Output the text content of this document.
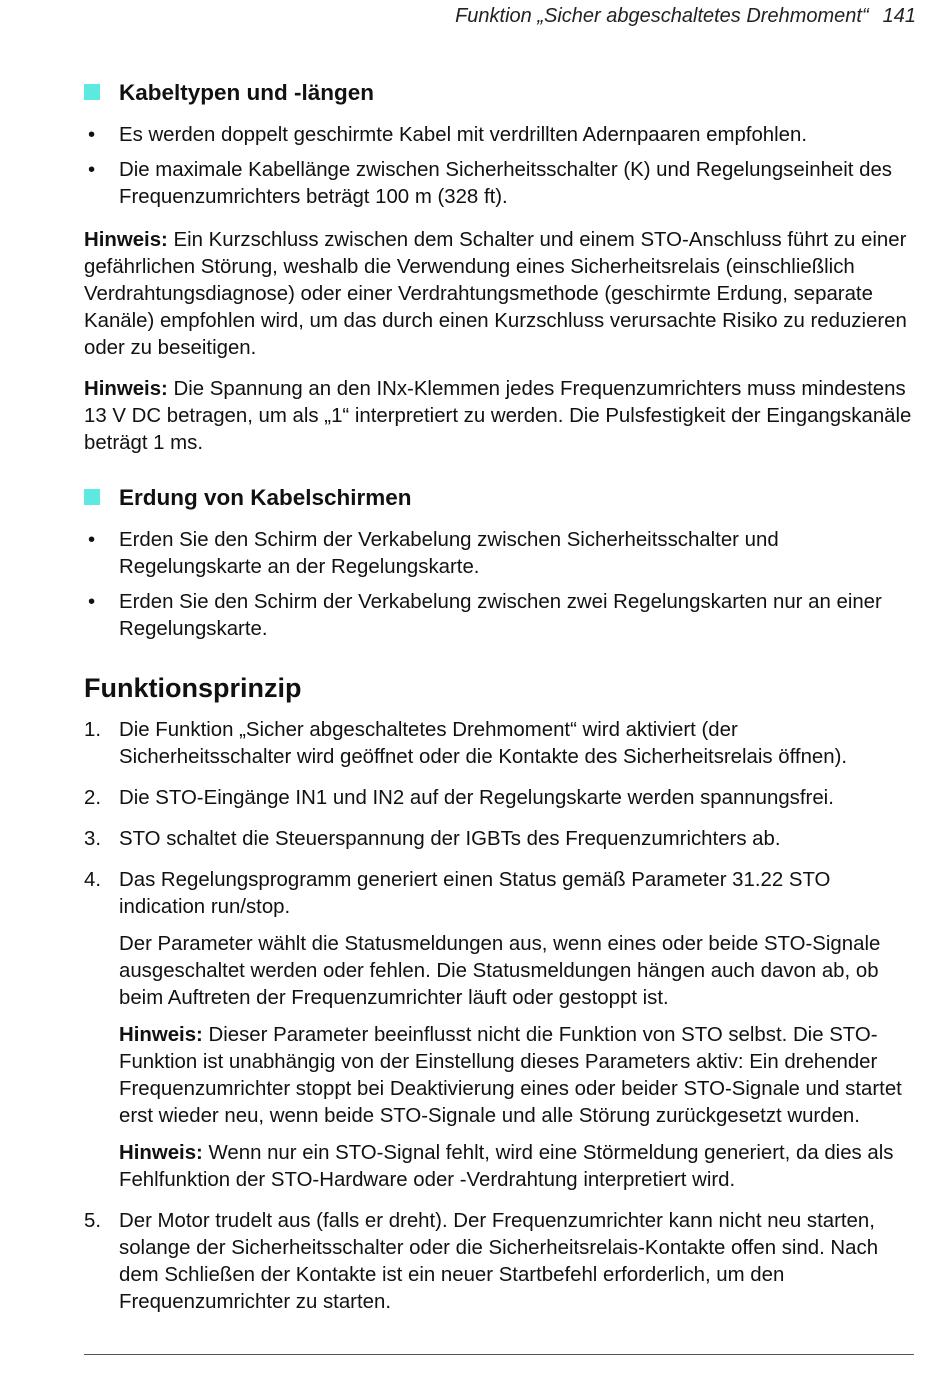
Funktion „Sicher abgeschaltetes Drehmoment“ 141
Kabeltypen und -längen
• Es werden doppelt geschirmte Kabel mit verdrillten Adernpaaren empfohlen.
• Die maximale Kabellänge zwischen Sicherheitsschalter (K) und Regelungseinheit des Frequenzumrichters beträgt 100 m (328 ft).

Hinweis: Ein Kurzschluss zwischen dem Schalter und einem STO-Anschluss führt zu einer gefährlichen Störung, weshalb die Verwendung eines Sicherheitsrelais (einschließlich Verdrahtungsdiagnose) oder einer Verdrahtungsmethode (geschirmte Erdung, separate Kanäle) empfohlen wird, um das durch einen Kurzschluss verursachte Risiko zu reduzieren oder zu beseitigen.

Hinweis: Die Spannung an den INx-Klemmen jedes Frequenzumrichters muss mindestens 13 V DC betragen, um als „1“ interpretiert zu werden. Die Pulsfestigkeit der Eingangskanäle beträgt 1 ms.

Erdung von Kabelschirmen
• Erden Sie den Schirm der Verkabelung zwischen Sicherheitsschalter und Regelungskarte an der Regelungskarte.
• Erden Sie den Schirm der Verkabelung zwischen zwei Regelungskarten nur an einer Regelungskarte.
Funktionsprinzip
1. Die Funktion „Sicher abgeschaltetes Drehmoment“ wird aktiviert (der Sicherheitsschalter wird geöffnet oder die Kontakte des Sicherheitsrelais öffnen).
2. Die STO-Eingänge IN1 und IN2 auf der Regelungskarte werden spannungsfrei.
3. STO schaltet die Steuerspannung der IGBTs des Frequenzumrichters ab.
4. Das Regelungsprogramm generiert einen Status gemäß Parameter 31.22 STO indication run/stop.

Der Parameter wählt die Statusmeldungen aus, wenn eines oder beide STO-Signale ausgeschaltet werden oder fehlen. Die Statusmeldungen hängen auch davon ab, ob beim Auftreten der Frequenzumrichter läuft oder gestoppt ist.

Hinweis: Dieser Parameter beeinflusst nicht die Funktion von STO selbst. Die STO-Funktion ist unabhängig von der Einstellung dieses Parameters aktiv: Ein drehender Frequenzumrichter stoppt bei Deaktivierung eines oder beider STO-Signale und startet erst wieder neu, wenn beide STO-Signale und alle Störung zurückgesetzt wurden.

Hinweis: Wenn nur ein STO-Signal fehlt, wird eine Störmeldung generiert, da dies als Fehlfunktion der STO-Hardware oder -Verdrahtung interpretiert wird.

5. Der Motor trudelt aus (falls er dreht). Der Frequenzumrichter kann nicht neu starten, solange der Sicherheitsschalter oder die Sicherheitsrelais-Kontakte offen sind. Nach dem Schließen der Kontakte ist ein neuer Startbefehl erforderlich, um den Frequenzumrichter zu starten.
